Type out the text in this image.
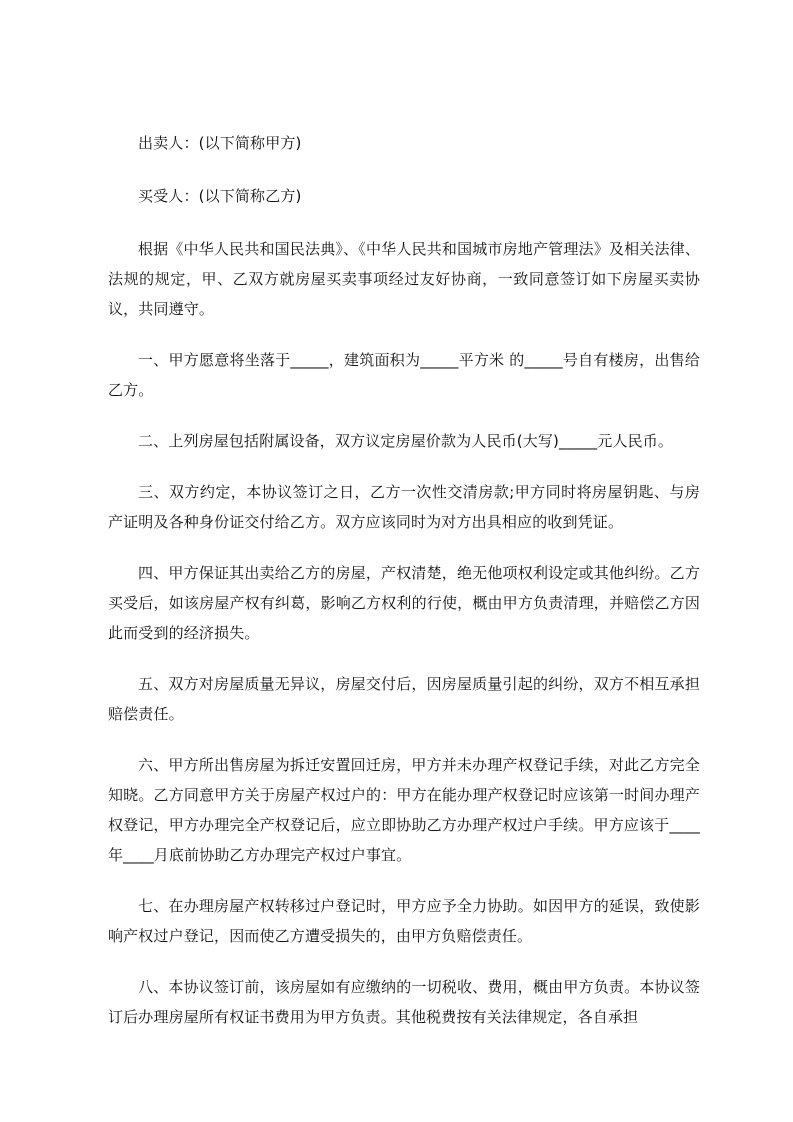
出卖人：(以下简称甲方)

买受人：(以下简称乙方)

根据《中华人民共和国民法典》、《中华人民共和国城市房地产管理法》及相关法律、法规的规定，甲、乙双方就房屋买卖事项经过友好协商，一致同意签订如下房屋买卖协议，共同遵守。

一、甲方愿意将坐落于_____，建筑面积为_____平方米 的_____号自有楼房，出售给乙方。

二、上列房屋包括附属设备，双方议定房屋价款为人民币(大写)_____元人民币。

三、双方约定，本协议签订之日，乙方一次性交清房款;甲方同时将房屋钥匙、与房产证明及各种身份证交付给乙方。双方应该同时为对方出具相应的收到凭证。

四、甲方保证其出卖给乙方的房屋，产权清楚，绝无他项权利设定或其他纠纷。乙方买受后，如该房屋产权有纠葛，影响乙方权利的行使，概由甲方负责清理，并赔偿乙方因此而受到的经济损失。

五、双方对房屋质量无异议，房屋交付后，因房屋质量引起的纠纷，双方不相互承担赔偿责任。

六、甲方所出售房屋为拆迁安置回迁房，甲方并未办理产权登记手续，对此乙方完全知晓。乙方同意甲方关于房屋产权过户的：甲方在能办理产权登记时应该第一时间办理产权登记，甲方办理完全产权登记后，应立即协助乙方办理产权过户手续。甲方应该于____年____月底前协助乙方办理完产权过户事宜。

七、在办理房屋产权转移过户登记时，甲方应予全力协助。如因甲方的延误，致使影响产权过户登记，因而使乙方遭受损失的，由甲方负赔偿责任。

八、本协议签订前，该房屋如有应缴纳的一切税收、费用，概由甲方负责。本协议签订后办理房屋所有权证书费用为甲方负责。其他税费按有关法律规定，各自承担
